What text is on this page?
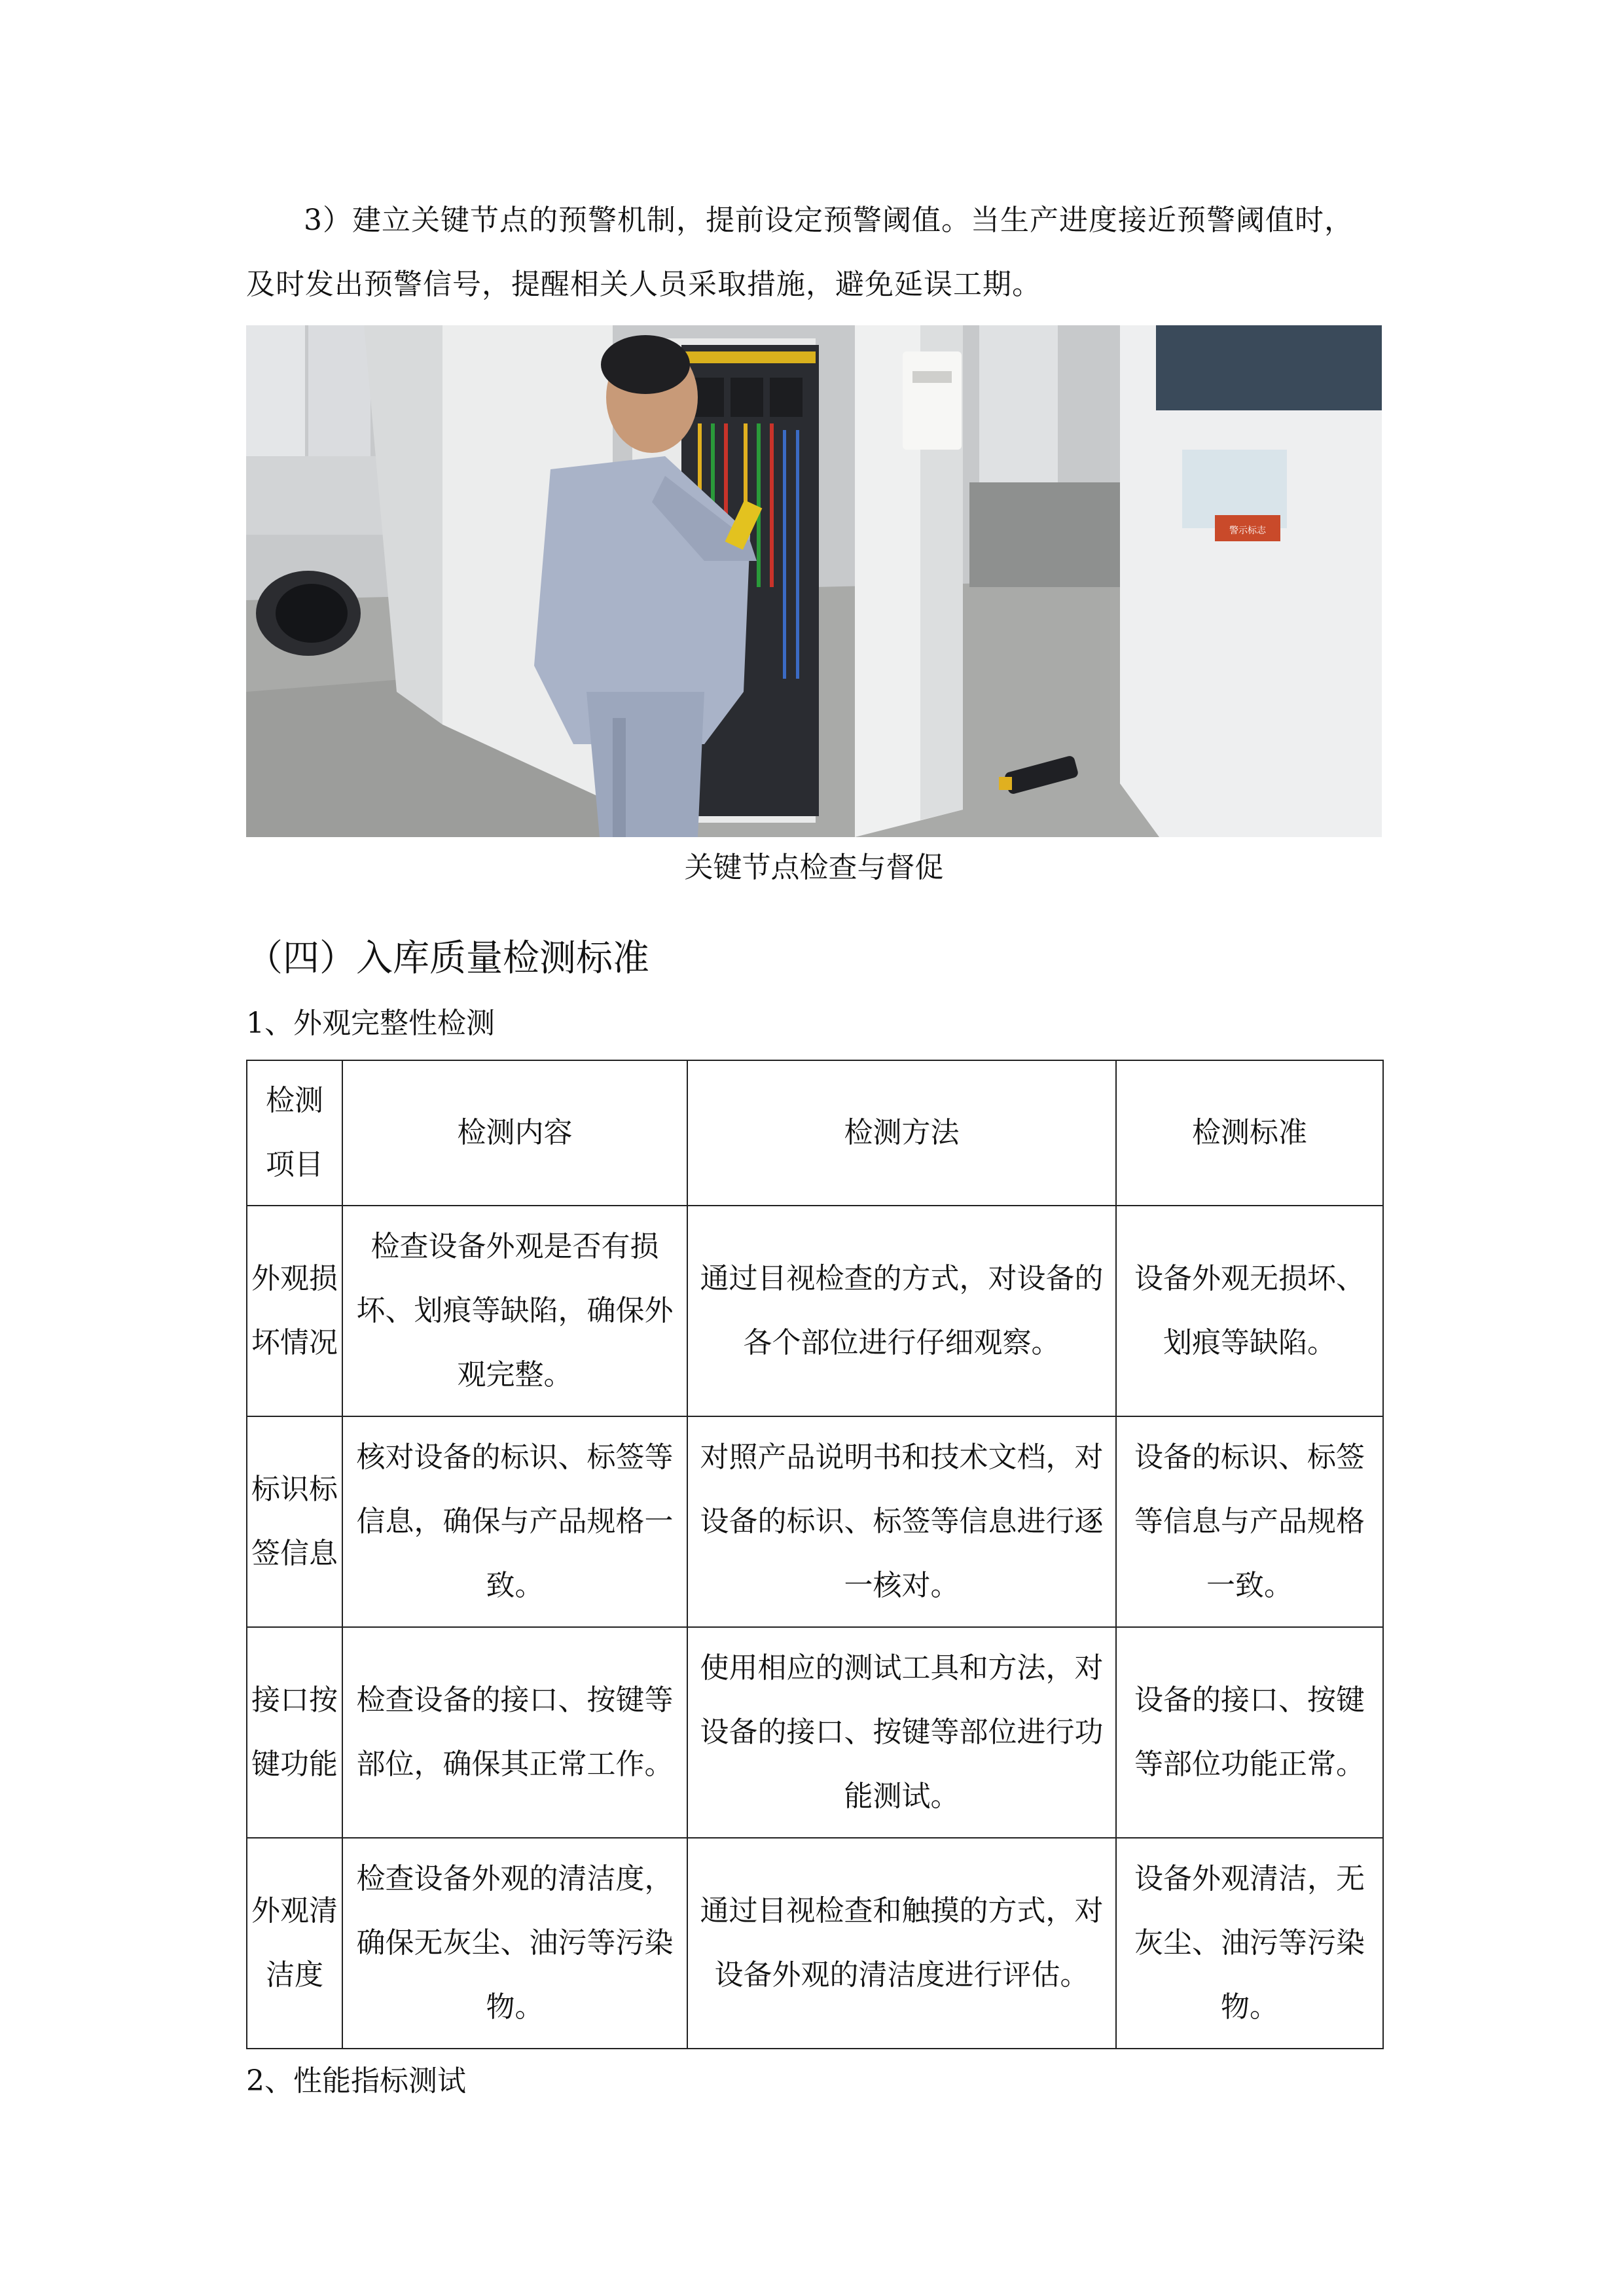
3）建立关键节点的预警机制，提前设定预警阈值。当生产进度接近预警阈值时，及时发出预警信号，提醒相关人员采取措施，避免延误工期。

警示标志

关键节点检查与督促

（四）入库质量检测标准
1、外观完整性检测
检测项目	检测内容	检测方法	检测标准
外观损坏情况	检查设备外观是否有损坏、划痕等缺陷，确保外观完整。	通过目视检查的方式，对设备的各个部位进行仔细观察。	设备外观无损坏、划痕等缺陷。
标识标签信息	核对设备的标识、标签等信息，确保与产品规格一致。	对照产品说明书和技术文档，对设备的标识、标签等信息进行逐一核对。	设备的标识、标签等信息与产品规格一致。
接口按键功能	检查设备的接口、按键等部位，确保其正常工作。	使用相应的测试工具和方法，对设备的接口、按键等部位进行功能测试。	设备的接口、按键等部位功能正常。
外观清洁度	检查设备外观的清洁度，确保无灰尘、油污等污染物。	通过目视检查和触摸的方式，对设备外观的清洁度进行评估。	设备外观清洁，无灰尘、油污等污染物。
2、性能指标测试
